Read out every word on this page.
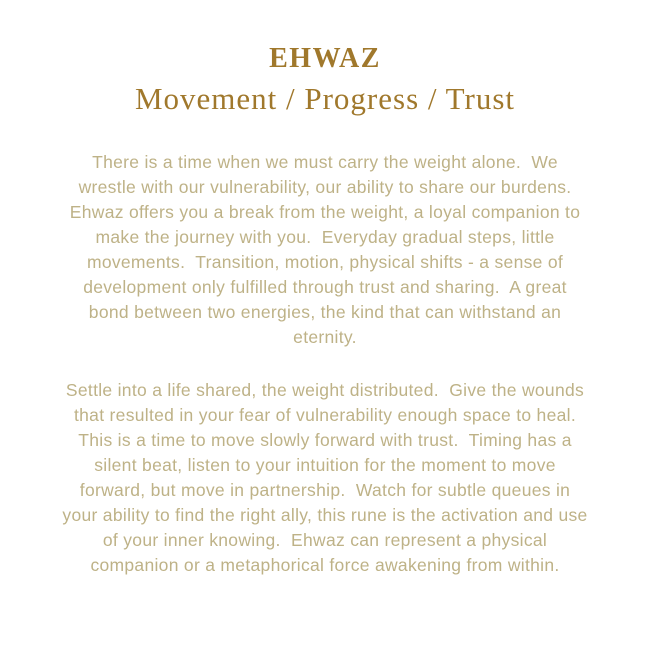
EHWAZ
Movement / Progress / Trust

There is a time when we must carry the weight alone.  We wrestle with our vulnerability, our ability to share our burdens.  Ehwaz offers you a break from the weight, a loyal companion to make the journey with you.  Everyday gradual steps, little movements.  Transition, motion, physical shifts - a sense of development only fulfilled through trust and sharing.  A great bond between two energies, the kind that can withstand an eternity.

Settle into a life shared, the weight distributed.  Give the wounds that resulted in your fear of vulnerability enough space to heal.  This is a time to move slowly forward with trust.  Timing has a silent beat, listen to your intuition for the moment to move forward, but move in partnership.  Watch for subtle queues in your ability to find the right ally, this rune is the activation and use of your inner knowing.  Ehwaz can represent a physical companion or a metaphorical force awakening from within.
